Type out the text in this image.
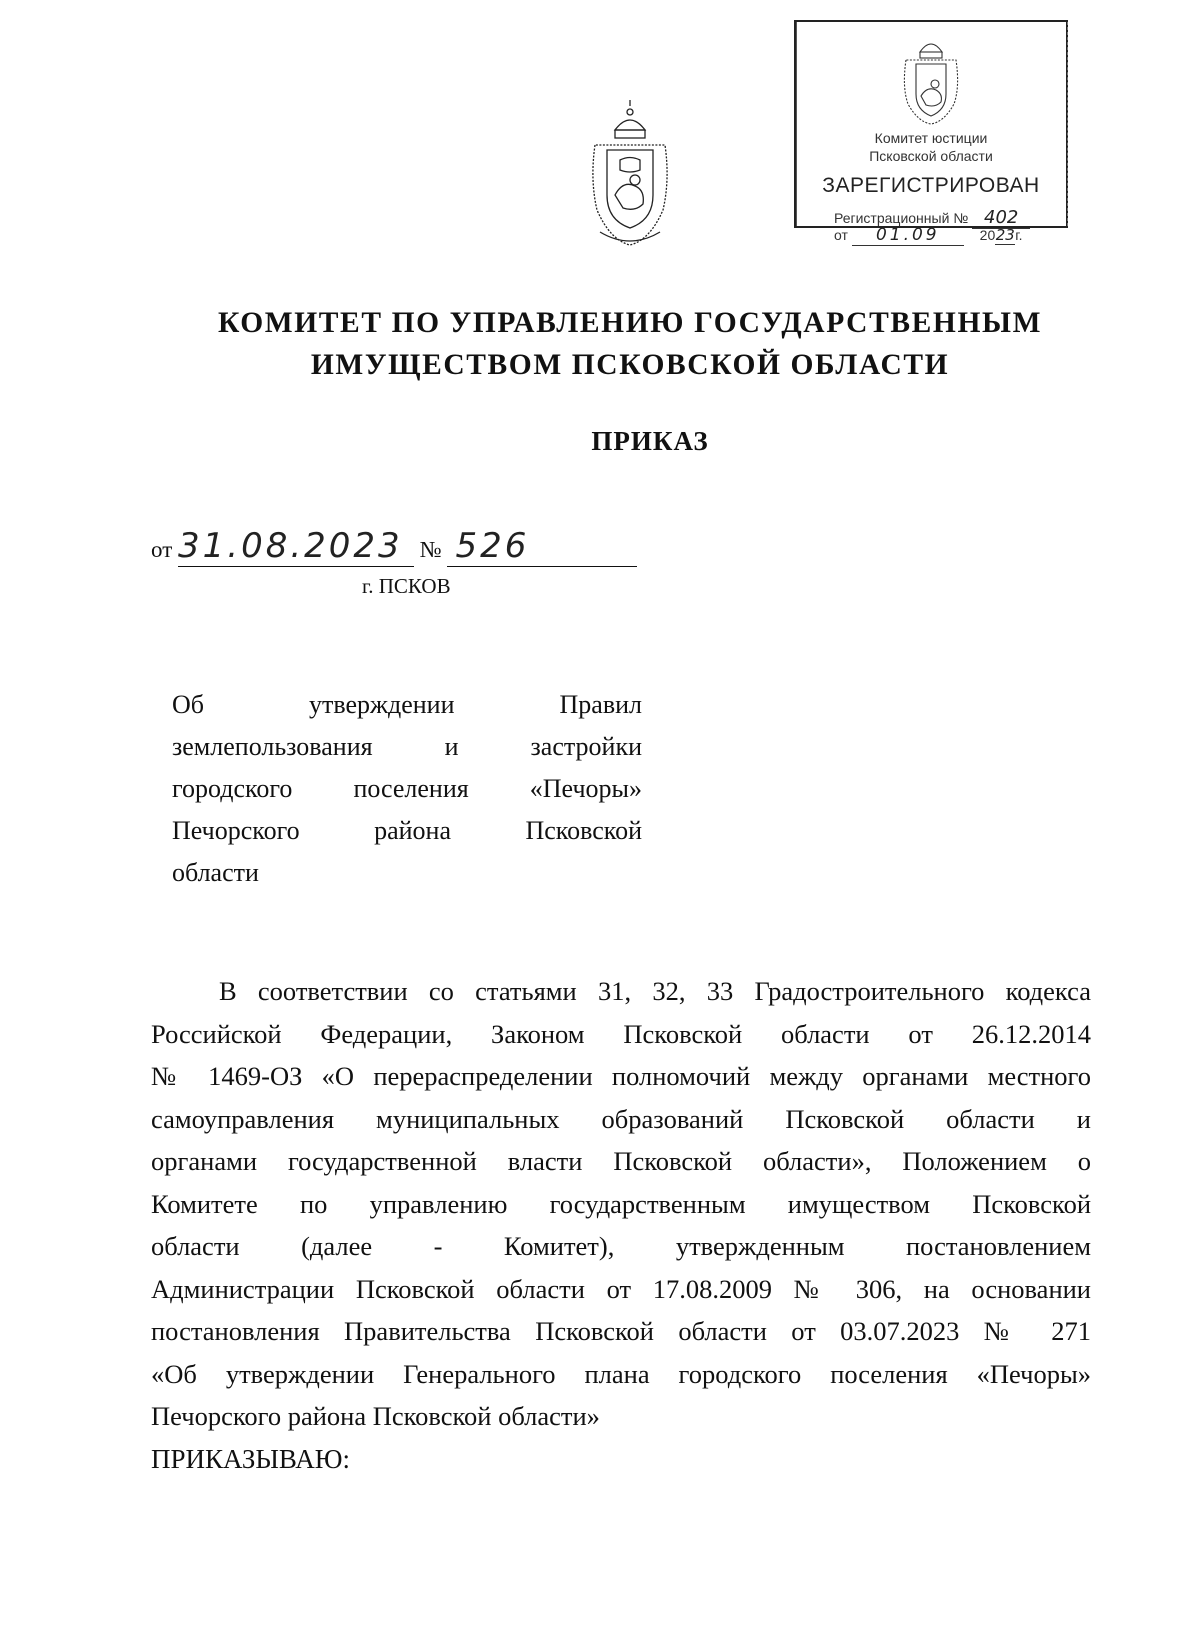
Комитет юстиции
Псковской области
ЗАРЕГИСТРИРОВАН
Регистрационный № 402
от 01.09	2023г.
КОМИТЕТ ПО УПРАВЛЕНИЮ ГОСУДАРСТВЕННЫМ
ИМУЩЕСТВОМ ПСКОВСКОЙ ОБЛАСТИ
ПРИКАЗ
от 31.08.2023 № 526
г. ПСКОВ
Об утверждении Правил
землепользования и застройки
городского поселения «Печоры»
Печорского района Псковской
области
В соответствии со статьями 31, 32, 33 Градостроительного кодекса
Российской Федерации, Законом Псковской области от 26.12.2014
№ 1469-ОЗ «О перераспределении полномочий между органами местного
самоуправления муниципальных образований Псковской области и
органами государственной власти Псковской области», Положением о
Комитете по управлению государственным имуществом Псковской
области (далее - Комитет), утвержденным постановлением
Администрации Псковской области от 17.08.2009 № 306, на основании
постановления Правительства Псковской области от 03.07.2023 № 271
«Об утверждении Генерального плана городского поселения «Печоры»
Печорского района Псковской области»
ПРИКАЗЫВАЮ:
